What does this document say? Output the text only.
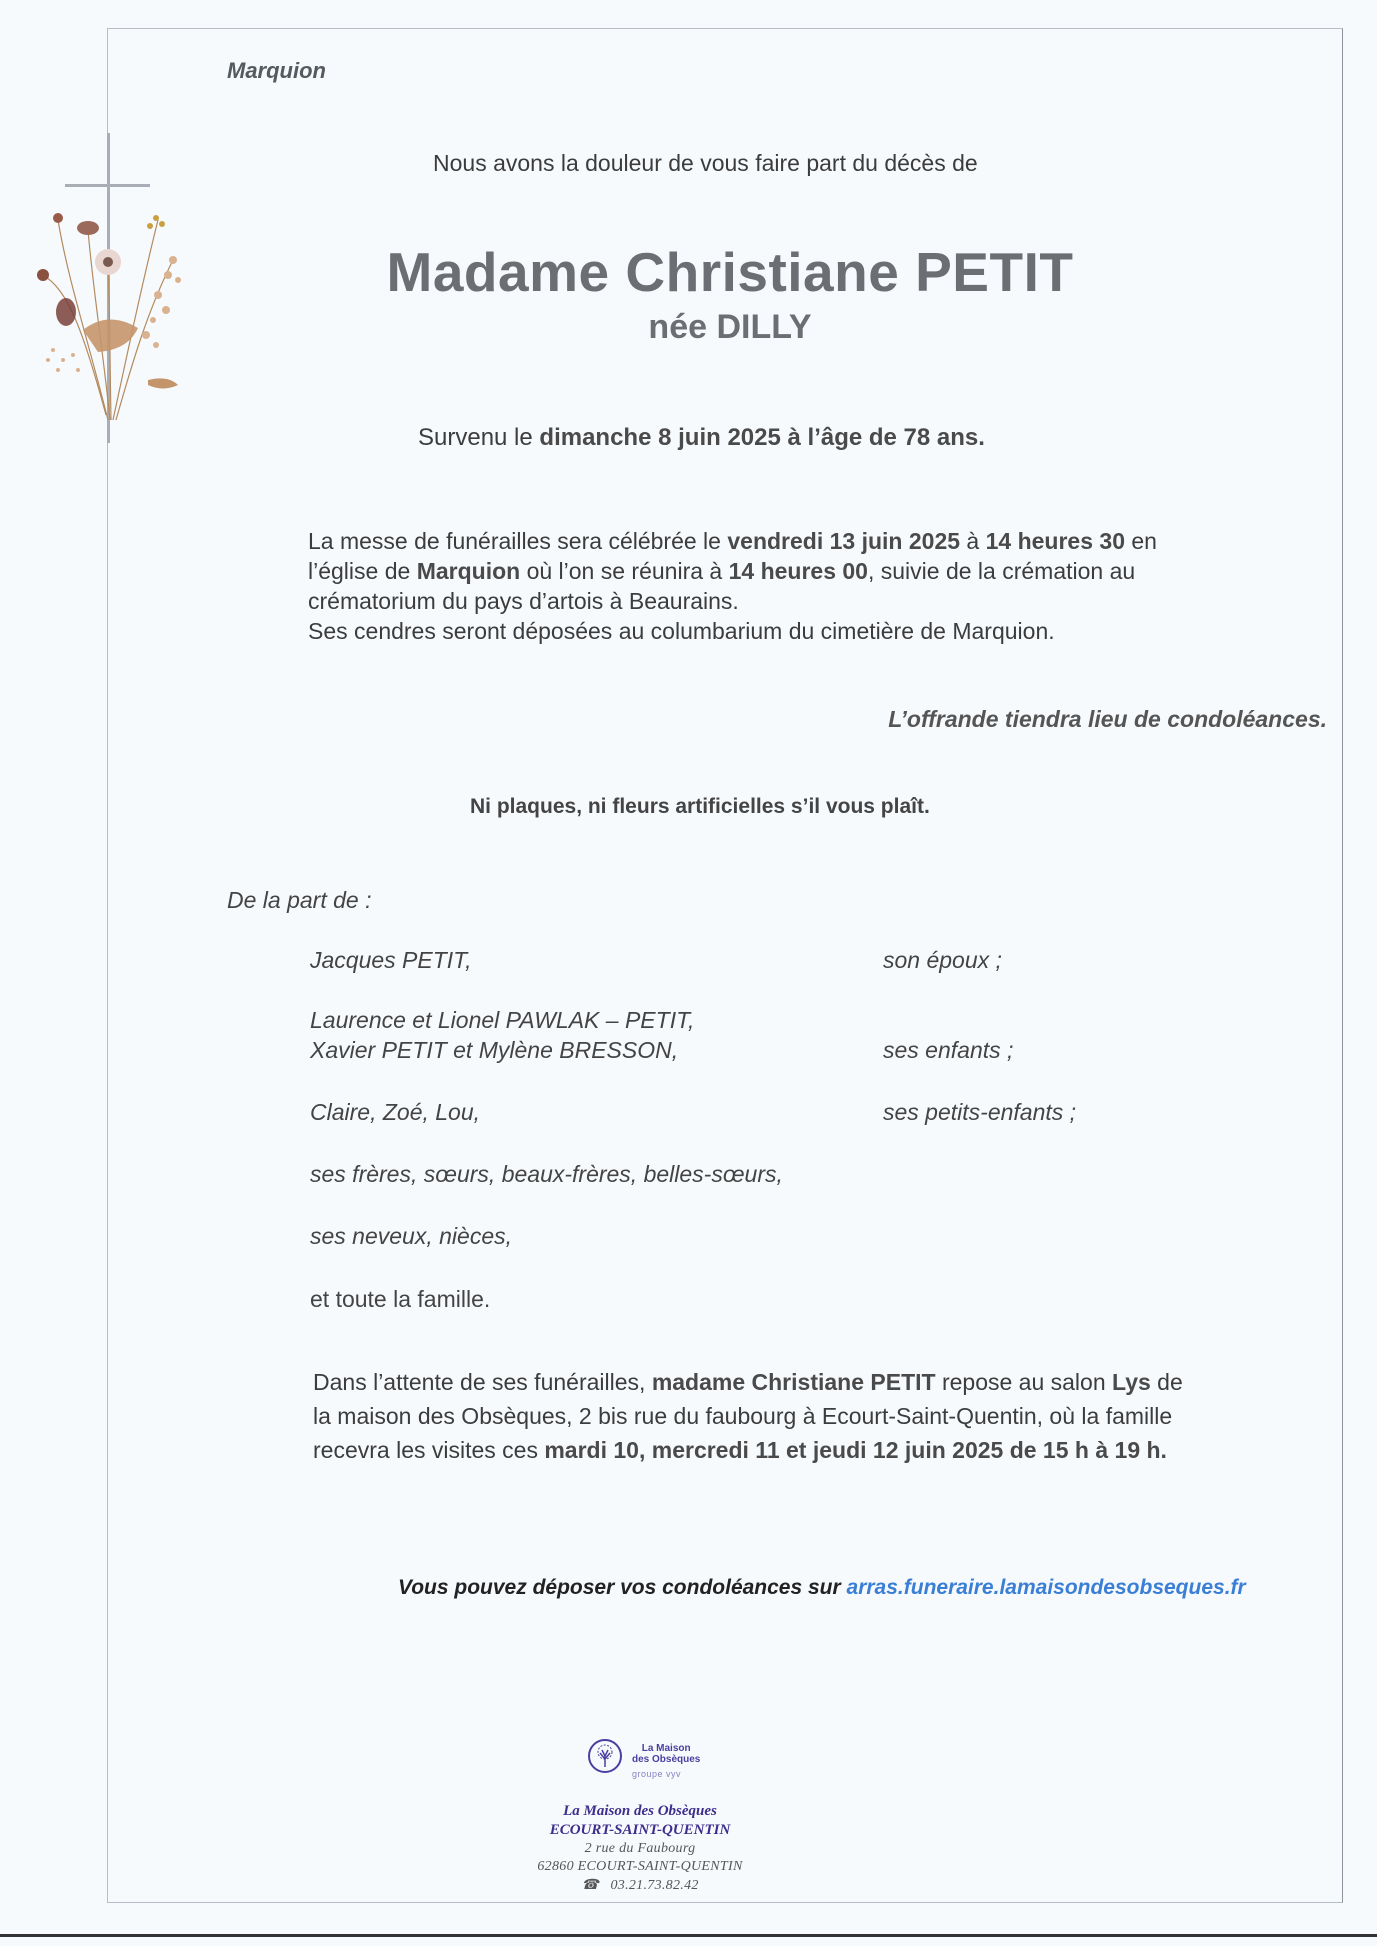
Marquion
Nous avons la douleur de vous faire part du décès de
Madame Christiane PETIT
née DILLY
Survenu le dimanche 8 juin 2025 à l’âge de 78 ans.
La messe de funérailles sera célébrée le vendredi 13 juin 2025 à 14 heures 30 en
l’église de Marquion où l’on se réunira à 14 heures 00, suivie de la crémation au
crématorium du pays d’artois à Beaurains.
Ses cendres seront déposées au columbarium du cimetière de Marquion.
L’offrande tiendra lieu de condoléances.
Ni plaques, ni fleurs artificielles s’il vous plaît.
De la part de :
Jacques PETIT,	son époux ;
Laurence et Lionel PAWLAK – PETIT,
Xavier PETIT et Mylène BRESSON,	ses enfants ;
Claire, Zoé, Lou,	ses petits-enfants ;
ses frères, sœurs, beaux-frères, belles-sœurs,
ses neveux, nièces,
et toute la famille.
Dans l’attente de ses funérailles, madame Christiane PETIT repose au salon Lys de
la maison des Obsèques, 2 bis rue du faubourg à Ecourt-Saint-Quentin, où la famille
recevra les visites ces mardi 10, mercredi 11 et jeudi 12 juin 2025 de 15 h à 19 h.
Vous pouvez déposer vos condoléances sur arras.funeraire.lamaisondesobseques.fr
La Maison
des Obsèques
groupe vyv
La Maison des Obsèques
ECOURT-SAINT-QUENTIN
2 rue du Faubourg
62860 ECOURT-SAINT-QUENTIN
☎ 03.21.73.82.42
